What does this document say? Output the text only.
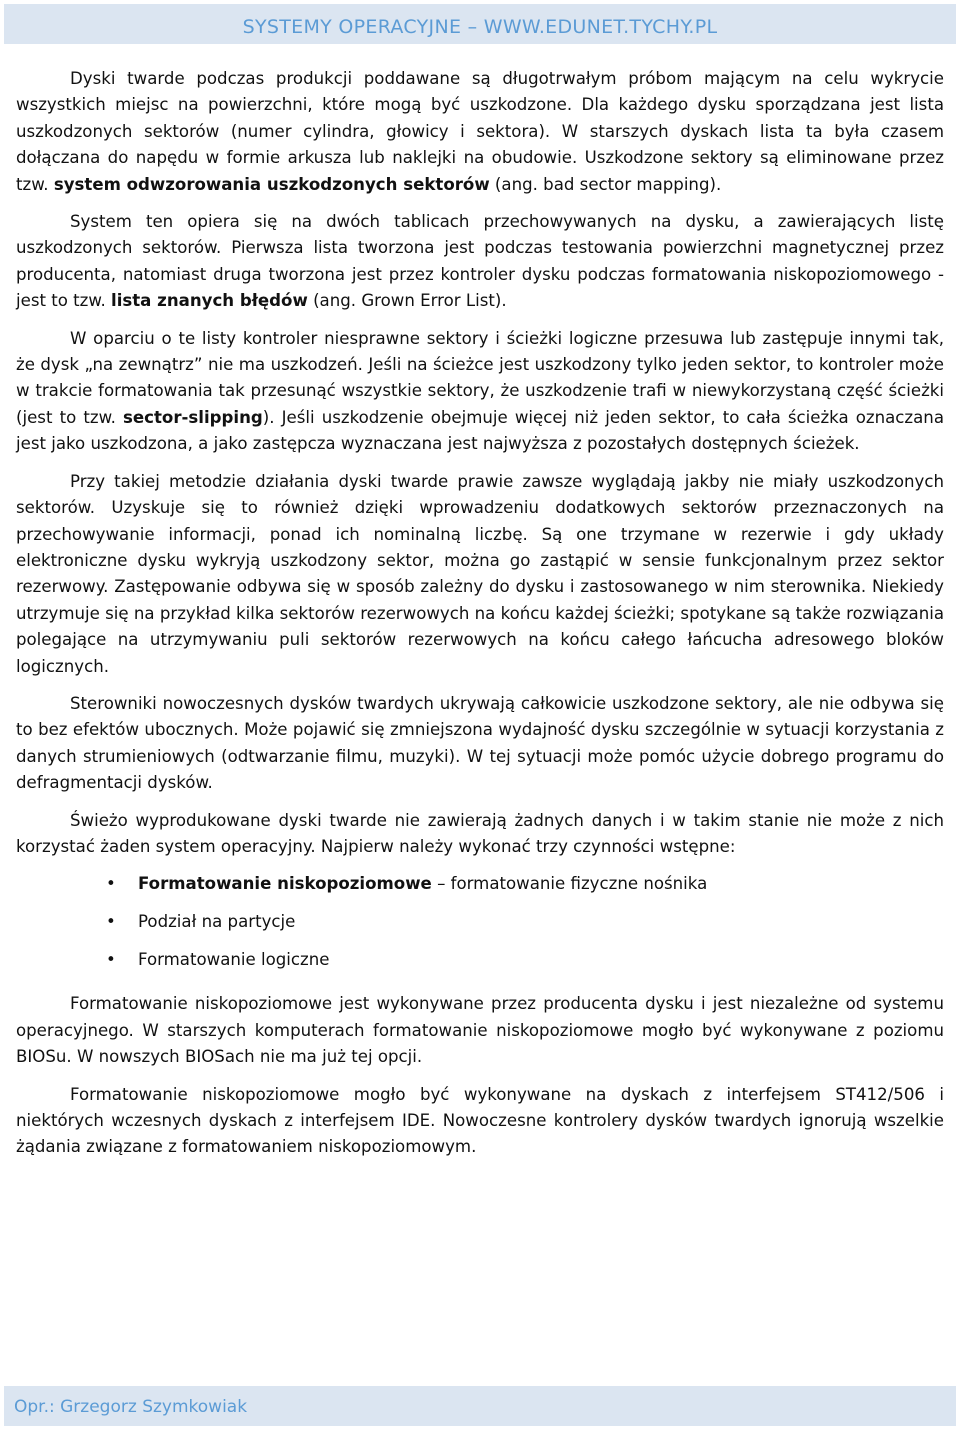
SYSTEMY OPERACYJNE – WWW.EDUNET.TYCHY.PL

Dyski twarde podczas produkcji poddawane są długotrwałym próbom mającym na celu wykrycie wszystkich miejsc na powierzchni, które mogą być uszkodzone. Dla każdego dysku sporządzana jest lista uszkodzonych sektorów (numer cylindra, głowicy i sektora). W starszych dyskach lista ta była czasem dołączana do napędu w formie arkusza lub naklejki na obudowie. Uszkodzone sektory są eliminowane przez tzw. system odwzorowania uszkodzonych sektorów (ang. bad sector mapping).

System ten opiera się na dwóch tablicach przechowywanych na dysku, a zawierających listę uszkodzonych sektorów. Pierwsza lista tworzona jest podczas testowania powierzchni magnetycznej przez producenta, natomiast druga tworzona jest przez kontroler dysku podczas formatowania niskopoziomowego - jest to tzw. lista znanych błędów (ang. Grown Error List).

W oparciu o te listy kontroler niesprawne sektory i ścieżki logiczne przesuwa lub zastępuje innymi tak, że dysk „na zewnątrz” nie ma uszkodzeń. Jeśli na ścieżce jest uszkodzony tylko jeden sektor, to kontroler może w trakcie formatowania tak przesunąć wszystkie sektory, że uszkodzenie trafi w niewykorzystaną część ścieżki (jest to tzw. sector-slipping). Jeśli uszkodzenie obejmuje więcej niż jeden sektor, to cała ścieżka oznaczana jest jako uszkodzona, a jako zastępcza wyznaczana jest najwyższa z pozostałych dostępnych ścieżek.

Przy takiej metodzie działania dyski twarde prawie zawsze wyglądają jakby nie miały uszkodzonych sektorów. Uzyskuje się to również dzięki wprowadzeniu dodatkowych sektorów przeznaczonych na przechowywanie informacji, ponad ich nominalną liczbę. Są one trzymane w rezerwie i gdy układy elektroniczne dysku wykryją uszkodzony sektor, można go zastąpić w sensie funkcjonalnym przez sektor rezerwowy. Zastępowanie odbywa się w sposób zależny do dysku i zastosowanego w nim sterownika. Niekiedy utrzymuje się na przykład kilka sektorów rezerwowych na końcu każdej ścieżki; spotykane są także rozwiązania polegające na utrzymywaniu puli sektorów rezerwowych na końcu całego łańcucha adresowego bloków logicznych.

Sterowniki nowoczesnych dysków twardych ukrywają całkowicie uszkodzone sektory, ale nie odbywa się to bez efektów ubocznych. Może pojawić się zmniejszona wydajność dysku szczególnie w sytuacji korzystania z danych strumieniowych (odtwarzanie filmu, muzyki). W tej sytuacji może pomóc użycie dobrego programu do defragmentacji dysków.

Świeżo wyprodukowane dyski twarde nie zawierają żadnych danych i w takim stanie nie może z nich korzystać żaden system operacyjny. Najpierw należy wykonać trzy czynności wstępne:

• Formatowanie niskopoziomowe – formatowanie fizyczne nośnika
• Podział na partycje
• Formatowanie logiczne

Formatowanie niskopoziomowe jest wykonywane przez producenta dysku i jest niezależne od systemu operacyjnego. W starszych komputerach formatowanie niskopoziomowe mogło być wykonywane z poziomu BIOSu. W nowszych BIOSach nie ma już tej opcji.

Formatowanie niskopoziomowe mogło być wykonywane na dyskach z interfejsem ST412/506 i niektórych wczesnych dyskach z interfejsem IDE. Nowoczesne kontrolery dysków twardych ignorują wszelkie żądania związane z formatowaniem niskopoziomowym.

Opr.: Grzegorz Szymkowiak
